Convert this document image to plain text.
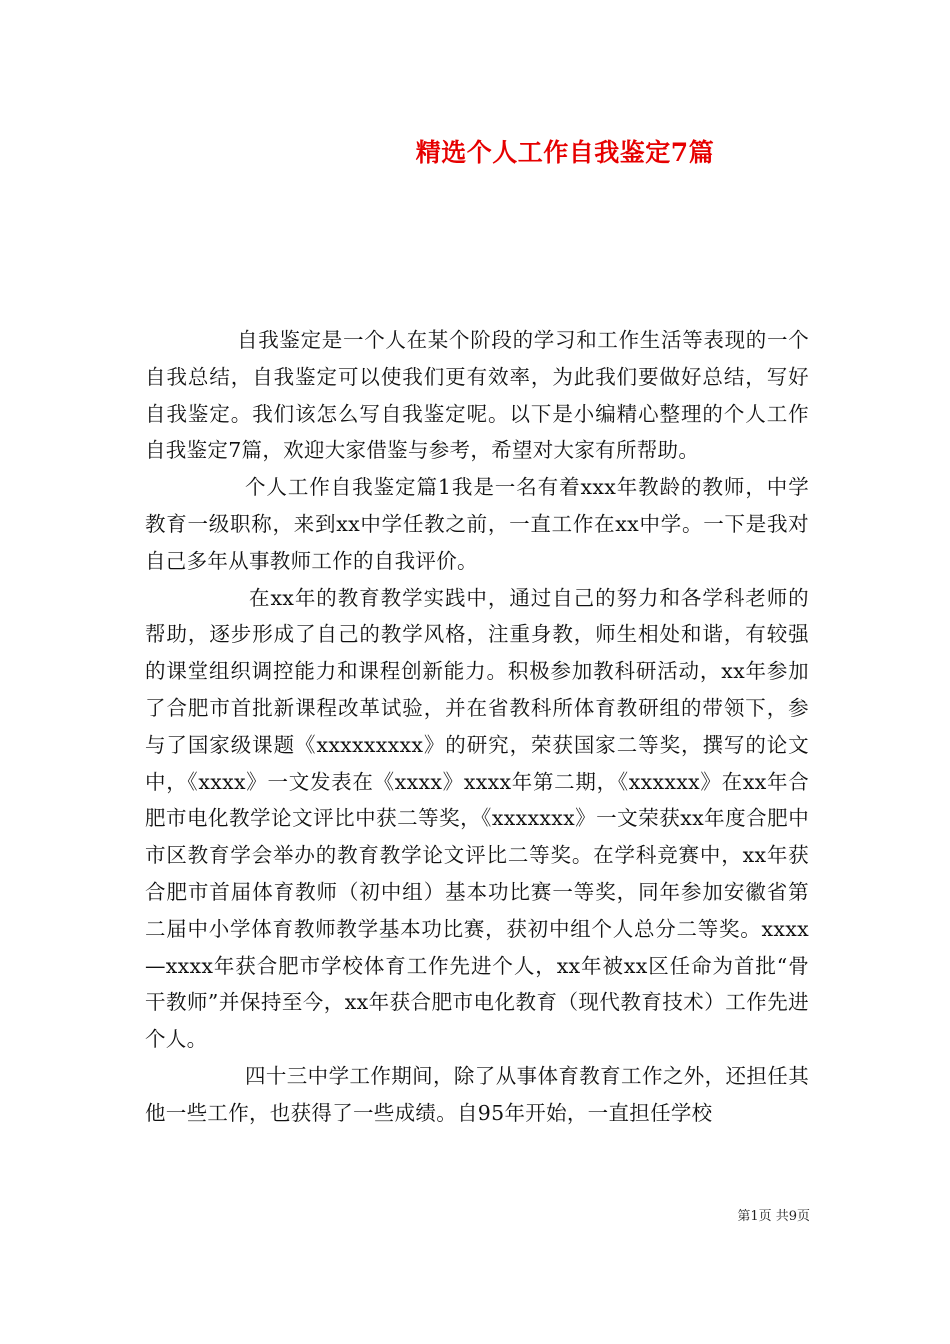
精选个人工作自我鉴定7篇

自我鉴定是一个人在某个阶段的学习和工作生活等表现的一个自我总结，自我鉴定可以使我们更有效率，为此我们要做好总结，写好自我鉴定。我们该怎么写自我鉴定呢。以下是小编精心整理的个人工作自我鉴定7篇，欢迎大家借鉴与参考，希望对大家有所帮助。

个人工作自我鉴定篇1我是一名有着xxx年教龄的教师，中学教育一级职称，来到xx中学任教之前，一直工作在xx中学。一下是我对自己多年从事教师工作的自我评价。

在xx年的教育教学实践中，通过自己的努力和各学科老师的帮助，逐步形成了自己的教学风格，注重身教，师生相处和谐，有较强的课堂组织调控能力和课程创新能力。积极参加教科研活动，xx年参加了合肥市首批新课程改革试验，并在省教科所体育教研组的带领下，参与了国家级课题《xxxxxxxxx》的研究，荣获国家二等奖，撰写的论文中，《xxxx》一文发表在《xxxx》xxxx年第二期，《xxxxxx》在xx年合肥市电化教学论文评比中获二等奖，《xxxxxxx》一文荣获xx年度合肥中市区教育学会举办的教育教学论文评比二等奖。在学科竞赛中，xx年获合肥市首届体育教师（初中组）基本功比赛一等奖，同年参加安徽省第二届中小学体育教师教学基本功比赛，获初中组个人总分二等奖。xxxx—xxxx年获合肥市学校体育工作先进个人，xx年被xx区任命为首批“骨干教师”并保持至今，xx年获合肥市电化教育（现代教育技术）工作先进个人。

四十三中学工作期间，除了从事体育教育工作之外，还担任其他一些工作，也获得了一些成绩。自95年开始，一直担任学校

第1页 共9页
